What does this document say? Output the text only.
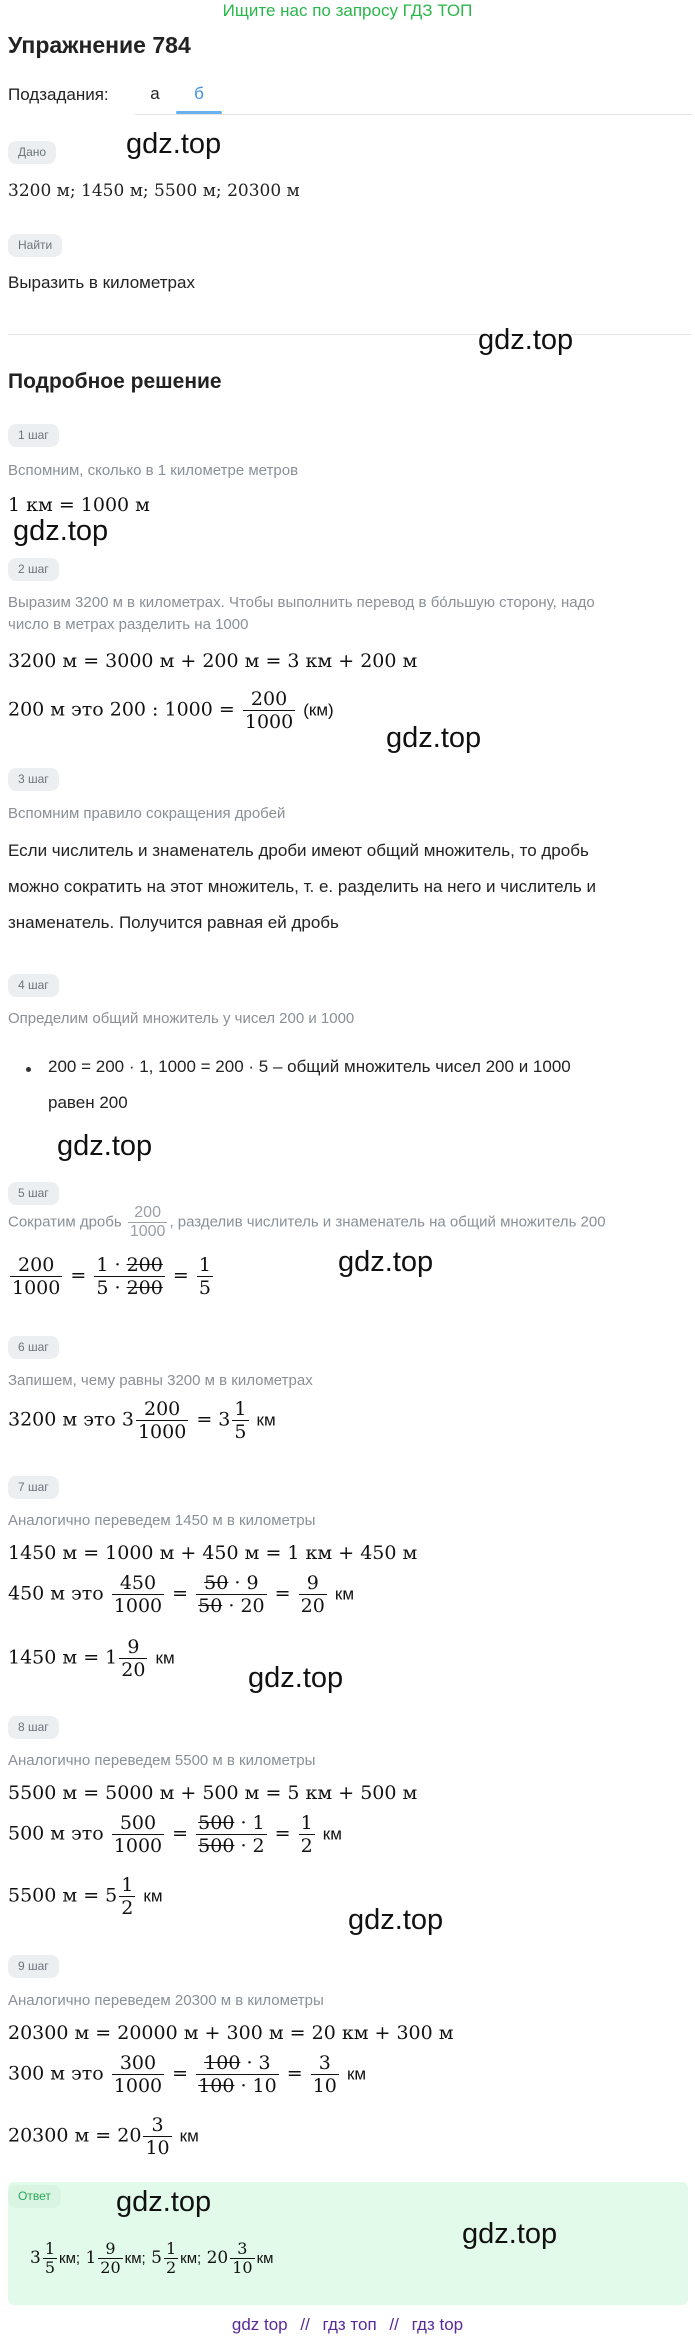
Ищите нас по запросу ГДЗ ТОП
Упражнение 784
Подзадания:	а	б
Дано	gdz.top
3200 м; 1450 м; 5500 м; 20300 м
Найти
Выразить в километрах
gdz.top
Подробное решение
1 шаг
Вспомним, сколько в 1 километре метров
1 км = 1000 м
gdz.top
2 шаг
Выразим 3200 м в километрах. Чтобы выполнить перевод в бо́льшую сторону, надо
число в метрах разделить на 1000
3200 м = 3000 м + 200 м = 3 км + 200 м
200 м это 200 : $1000 = \frac{200}{1000} (км)$
gdz.top
3 шаг
Вспомним правило сокращения дробей
Если числитель и знаменатель дроби имеют общий множитель, то дробь
можно сократить на этот множитель, т. е. разделить на него и числитель и
знаменатель. Получится равная ей дробь
4 шаг
Определим общий множитель у чисел 200 и 1000
200 = 200 · 1, 1000 = 200 · 5 – общий множитель чисел 200 и 1000
равен 200
gdz.top
5 шаг
Сократим дробь $\frac{200}{1000}$ , разделив числитель и знаменатель на общий множитель 200
$\frac{200}{1000} = \frac{1 \cdot 200}{5 \cdot 200} = \frac{1}{5}$	gdz.top
6 шаг
Запишем, чему равны 3200 м в километрах
3200 м это $3 \frac{200}{1000} = 3 \frac{1}{5}$ км
7 шаг
Аналогично переведем 1450 м в километры
1450 м = 1000 м + 450 м = 1 км + 450 м
450 м это $\frac{450}{1000} = \frac{50 \cdot 9}{50 \cdot 20} = \frac{9}{20}$ км
1450 $м = 1 \frac{9}{20}$ км
gdz.top
8 шаг
Аналогично переведем 5500 м в километры
5500 м = 5000 м + 500 м = 5 км + 500 м
500 м это $\frac{500}{1000} = \frac{500 \cdot 1}{500 \cdot 2} = \frac{1}{2}$ км
5500 $м = 5 \frac{1}{2}$ км
gdz.top
9 шаг
Аналогично переведем 20300 м в километры
20300 м = 20000 м + 300 м = 20 км + 300 м
300 м это $\frac{300}{1000} = \frac{100 \cdot 3}{100 \cdot 10} = \frac{3}{10}$ км
20300 $м = 20 \frac{3}{10}$ км
Ответ	gdz.top
$3 \frac{1}{5}$ км; $1 \frac{9}{20}$ км; $5 \frac{1}{2}$ км; $20 \frac{3}{10}$ км
gdz.top
gdz top // гдз топ // гдз top
